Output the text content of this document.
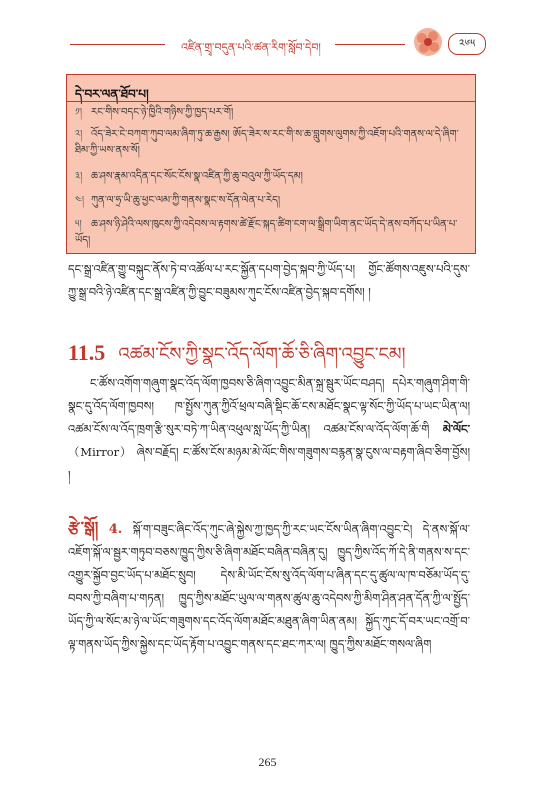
འཛིན་གྲྭ་བདུན་པའི་ཚན་རིག་སློབ་དེབ།	༢༦༥
དེ་བར་ལན་ཐོབ་པ།
༡། རང་གིས་བདང་ཉེ་ཁྱིའི་གཉིས་ཀྱི་ཁྱད་པར་གོ།
༢། འོད་ཟེར་ངེ་བཀག་ཀུབ་ལམ་ཞིག་ཏུ་ཆ་རྒྱས། ཨོད་ཟེར་ས་རང་གི་ས་ཆ་བླུགས་ལུགས་ཀྱི་འཇོག་པའི་གནས་ལ་དེ་ཞིག་ཐིམ་ཀྱི་ཡས་ནས་སོ།
༣། ཆ་ཤས་རྣམ་འདིན་དང་སོང་ངོས་སྣ་འཛིན་ཀྱི་ཆུ་བའུལ་ཀྱི་ཡོད་དམ།
༤། ཀུན་ལ་ཧྲ་ཡི་ཆུ་ཕྱང་ལམ་ཀྱི་གནས་སྣང་ས་དོན་ལེན་པ་རེད།
༥། ཆ་ཤས་ཉི་ཤེའི་ལས་ཁུངས་ཀྱི་འདེབས་ལ་རྟགས་ཚེ་རྫོང་སྐད་ཚིག་ངག་ལ་སྒྲིག་ཡིག་ནང་ཡོད་དེ་ནས་བཀོད་པ་ཡིན་པ་ཡོད།
དང་སྒྲ་འཛིན་གྱུ་བསྐུང་ནོས་ཏེ་བ་འཚོལ་པ་རང་སྐྱོན་དཔག་བྱེད་སྐབ་ཀྱི་ཡོད་པ། གྱོང་ཚོགས་འཇུས་པའི་དུས་ཀྱུ་སྒྲ་བའི་ཉེ་འཛིན་དང་སྒྲ་འཛིན་ཀྱི་བྱུང་བཟུམས་ཀུང་ངོས་འཛིན་བྱེད་སྐབ་དགོས། །
11.5 འཚམ་ངོས་ཀྱི་སྣང་འོད་ལོག་ཆོ་ཅི་ཞིག་འབྱུང་ངམ།
ང་ཚོས་འགོག་གཞུག་སྣང་འོད་ལོག་ཁྱབས་ཅི་ཞིག་འབྱུང་མིན་སྐྲ་སྦུར་ཡོང་བཤད། དཔེར་གཞུག་ཤིག་གི་སྣང་དུ་འོད་ལོག་ཁྱབས། ཁ་སྤྱོས་ཀུན་ཀྱིའོ་ཕྲལ་བཞི་སྡིང་ཆོ་ངས་མཐོང་སྣང་ལྟ་སོང་ཀྱི་ཡོད་པ་ཡང་ཡིན་ལ། འཚམ་ངོས་ལ་འོད་ཁྲག་རྩི་སུར་བཏེ་ཀ་ཡིན་འཕུལ་སླ་ཡོད་ཀྱི་ཡིན། འཚམ་ངོས་ལ་འོད་ལོག་ཆོ་གི མེ་ལོང་ （Mirror） ཞེས་བརྗོད། ང་ཚོས་ངོས་མཉམ་མེ་ལོང་གིས་གཟུགས་བརྙན་སྣ་ངུས་ལ་བརྟག་ཞིབ་ཅིག་བྱོས། །
རྩེ་སྒོ། 4. སྐོ་ག་བཟུང་ཞིང་འོད་ཀུང་ཞེ་སྐྱེས་ཀྱ་ཁྱད་ཀྱི་རང་ཡང་ངོས་ཡིན་ཞིག་འབྱུང་ངེ། དེ་ནས་སྐོ་ལ་འཇོག་སྐོ་ལ་སྦྱར་གཏུབ་བཅས་ཁྱུད་ཀྱིས་ཅི་ཞིག་མཐོང་བཞིན་བཞིན་དུ། ཁྱུད་ཀྱིས་འོད་ཀོ་དེ་ནི་གནས་ས་དང་འགྱུར་སྐྱོབ་བྱང་ཡོད་པ་མཐོང་སྲུབ། དེས་མི་ཡོང་ངོས་སུ་འོད་ལོག་པ་ཞིན་དང་དུ་ཚུལ་ལ་ཁ་བཅོམ་ཡོད་དུ་བབས་ཀྱི་བཞིག་པ་གཏན། ཁྱུད་ཀྱིས་མཐོང་ཡུལ་ལ་གནས་ཚུལ་ཆུ་འདེབས་ཀྱི་མིག་ཤིན་ཤན་དོན་ཀྱི་ལ་སྤྱོད་ཡོད་ཀྱི་ལ་སོང་མ་ཉེ་ལ་ཡོང་གཟུགས་དང་འོད་ལོག་མཐོང་མཐུན་ཞིག་ཡིན་ནམ། སྐྱོད་ཀུང་དོ་བར་ཡང་འགྲོ་བ་ལྟ་གནས་ཡོད་ཀྱིས་སྐྱེས་དང་ཡོད་རྟོག་པ་འབྱུང་གནས་དང་ཐང་ཀར་ལ། ཁྱུད་ཀྱིས་མཐོང་གསལ་ཞིག
265
